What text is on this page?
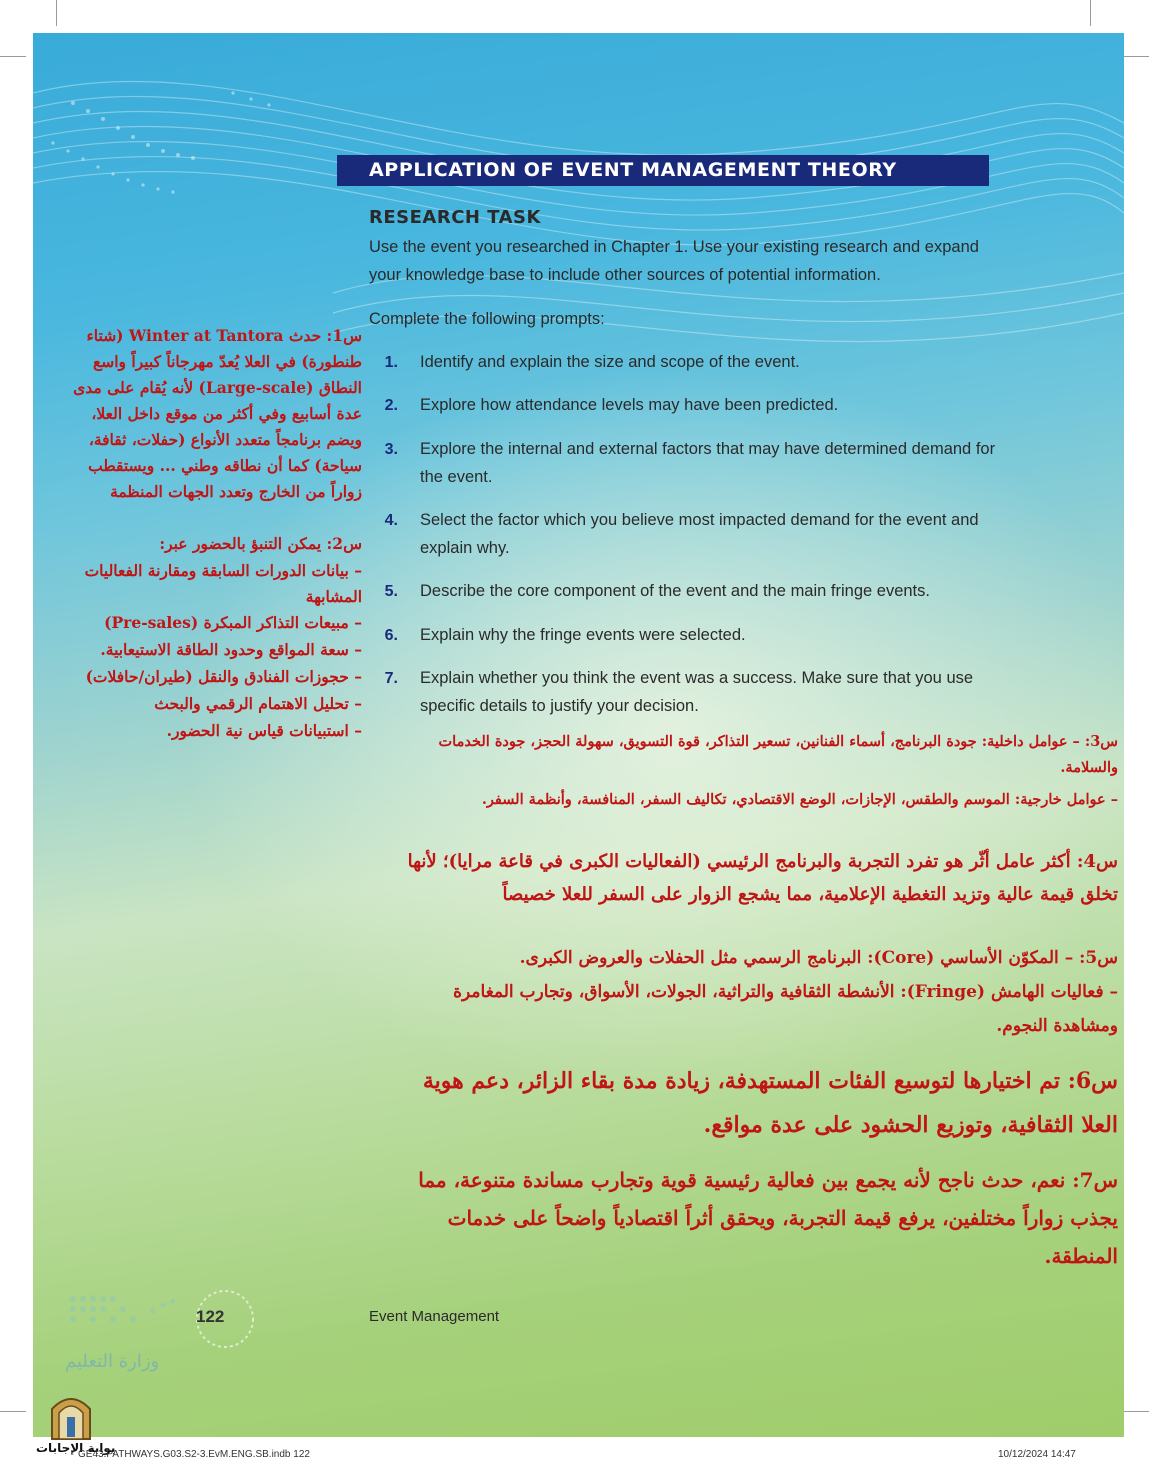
APPLICATION OF EVENT MANAGEMENT THEORY
RESEARCH TASK
Use the event you researched in Chapter 1. Use your existing research and expand your knowledge base to include other sources of potential information.
Complete the following prompts:
1. Identify and explain the size and scope of the event.
2. Explore how attendance levels may have been predicted.
3. Explore the internal and external factors that may have determined demand for the event.
4. Select the factor which you believe most impacted demand for the event and explain why.
5. Describe the core component of the event and the main fringe events.
6. Explain why the fringe events were selected.
7. Explain whether you think the event was a success. Make sure that you use specific details to justify your decision.
س1: حدث Winter at Tantora (شتاء طنطورة) في العلا يُعدّ مهرجاناً كبيراً واسع النطاق (Large-scale) لأنه يُقام على مدى عدة أسابيع وفي أكثر من موقع داخل العلا، ويضم برنامجاً متعدد الأنواع (حفلات، ثقافة، سياحة) كما أن نطاقه وطني ... ويستقطب زواراً من الخارج وتعدد الجهات المنظمة
س2: يمكن التنبؤ بالحضور عبر:
– بيانات الدورات السابقة ومقارنة الفعاليات المشابهة
– مبيعات التذاكر المبكرة (Pre-sales)
– سعة المواقع وحدود الطاقة الاستيعابية.
– حجوزات الفنادق والنقل (طيران/حافلات)
– تحليل الاهتمام الرقمي والبحث
– استبيانات قياس نية الحضور.
س3: – عوامل داخلية: جودة البرنامج، أسماء الفنانين، تسعير التذاكر، قوة التسويق، سهولة الحجز، جودة الخدمات والسلامة.
– عوامل خارجية: الموسم والطقس، الإجازات، الوضع الاقتصادي، تكاليف السفر، المنافسة، وأنظمة السفر.
س4: أكثر عامل أثّر هو تفرد التجربة والبرنامج الرئيسي (الفعاليات الكبرى في قاعة مرايا)؛ لأنها تخلق قيمة عالية وتزيد التغطية الإعلامية، مما يشجع الزوار على السفر للعلا خصيصاً
س5: – المكوّن الأساسي (Core): البرنامج الرسمي مثل الحفلات والعروض الكبرى.
– فعاليات الهامش (Fringe): الأنشطة الثقافية والتراثية، الجولات، الأسواق، وتجارب المغامرة ومشاهدة النجوم.
س6: تم اختيارها لتوسيع الفئات المستهدفة، زيادة مدة بقاء الزائر، دعم هوية العلا الثقافية، وتوزيع الحشود على عدة مواقع.
س7: نعم، حدث ناجح لأنه يجمع بين فعالية رئيسية قوية وتجارب مساندة متنوعة، مما يجذب زواراً مختلفين، يرفع قيمة التجربة، ويحقق أثراً اقتصادياً واضحاً على خدمات المنطقة.
122	Event Management
وزارة التعليم
بوابة الإجابات
GE43.PATHWAYS.G03.S2-3.EvM.ENG.SB.indb 122	10/12/2024 14:47
